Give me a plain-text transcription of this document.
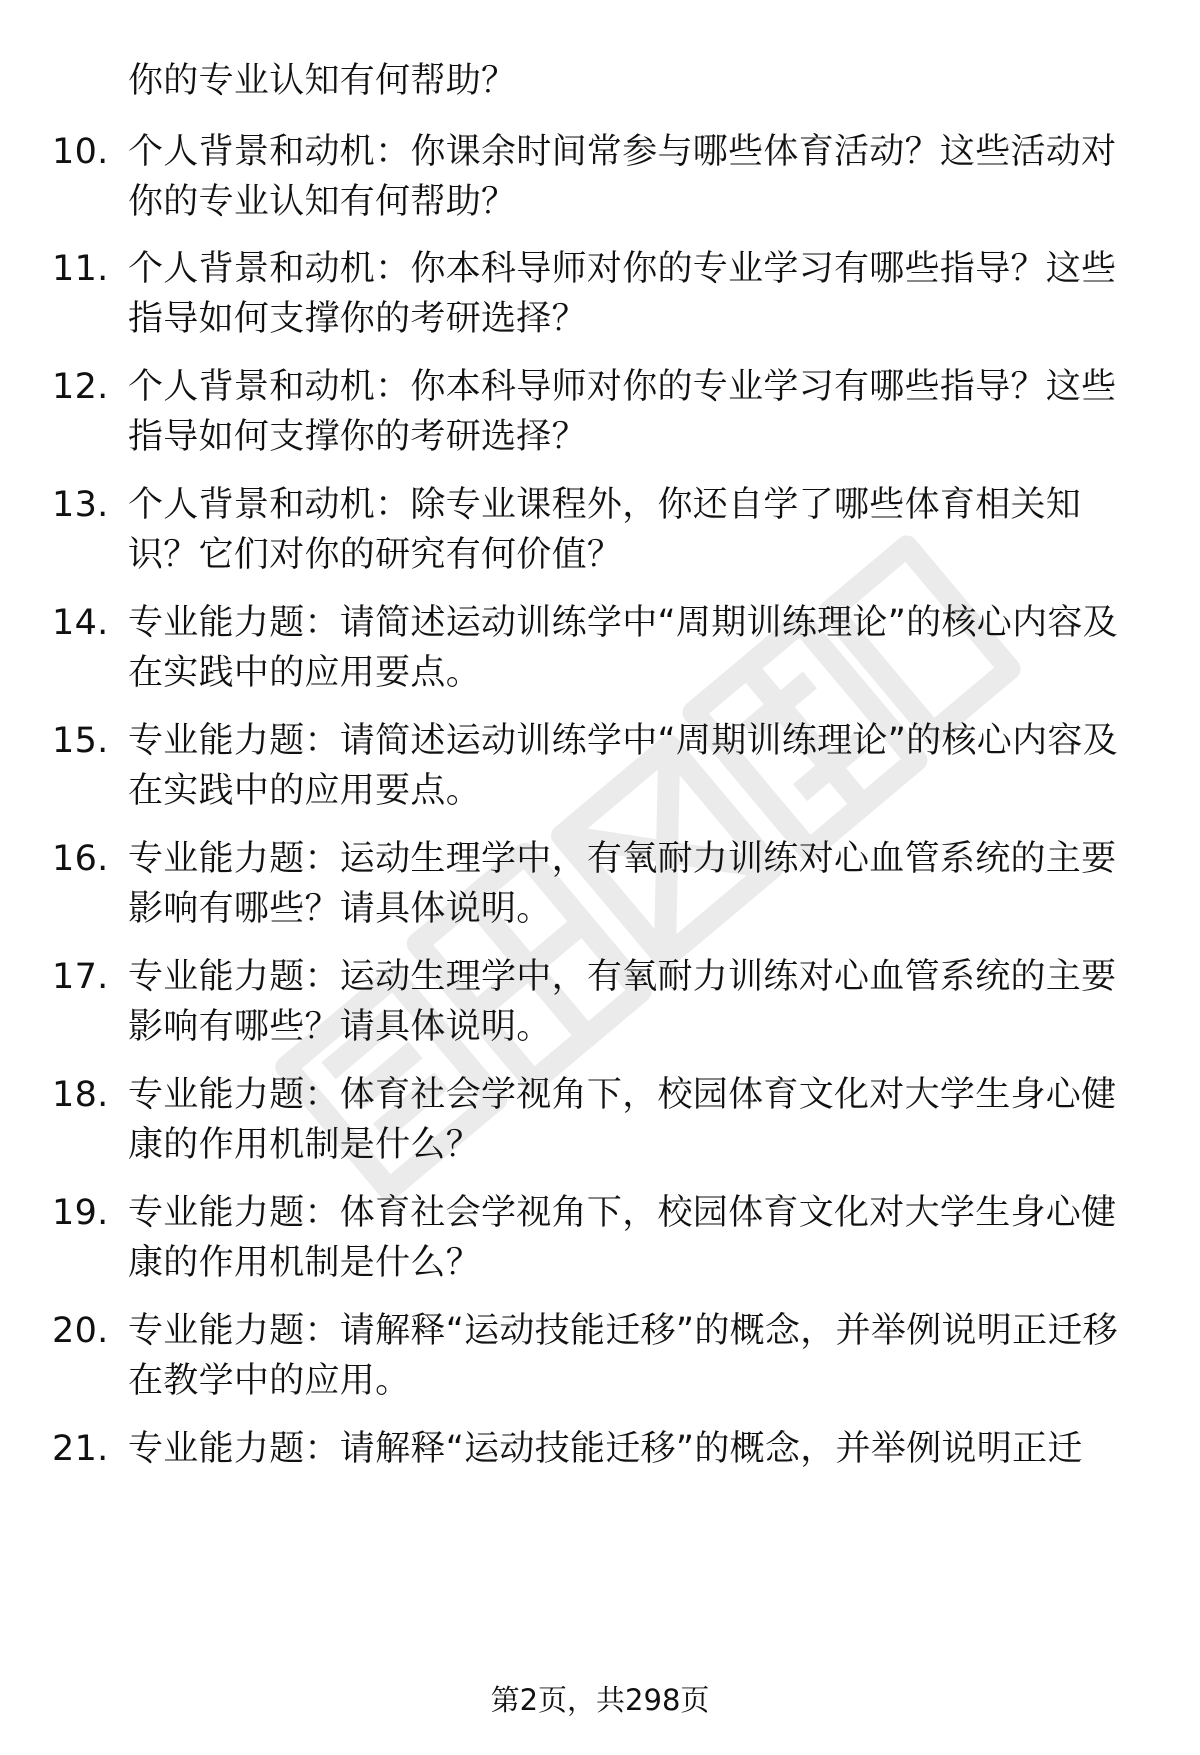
你的专业认知有何帮助？
10. 个人背景和动机：你课余时间常参与哪些体育活动？这些活动对你的专业认知有何帮助？
11. 个人背景和动机：你本科导师对你的专业学习有哪些指导？这些指导如何支撑你的考研选择？
12. 个人背景和动机：你本科导师对你的专业学习有哪些指导？这些指导如何支撑你的考研选择？
13. 个人背景和动机：除专业课程外，你还自学了哪些体育相关知识？它们对你的研究有何价值？
14. 专业能力题：请简述运动训练学中“周期训练理论”的核心内容及在实践中的应用要点。
15. 专业能力题：请简述运动训练学中“周期训练理论”的核心内容及在实践中的应用要点。
16. 专业能力题：运动生理学中，有氧耐力训练对心血管系统的主要影响有哪些？请具体说明。
17. 专业能力题：运动生理学中，有氧耐力训练对心血管系统的主要影响有哪些？请具体说明。
18. 专业能力题：体育社会学视角下，校园体育文化对大学生身心健康的作用机制是什么？
19. 专业能力题：体育社会学视角下，校园体育文化对大学生身心健康的作用机制是什么？
20. 专业能力题：请解释“运动技能迁移”的概念，并举例说明正迁移在教学中的应用。
21. 专业能力题：请解释“运动技能迁移”的概念，并举例说明正迁
第2页，共298页
